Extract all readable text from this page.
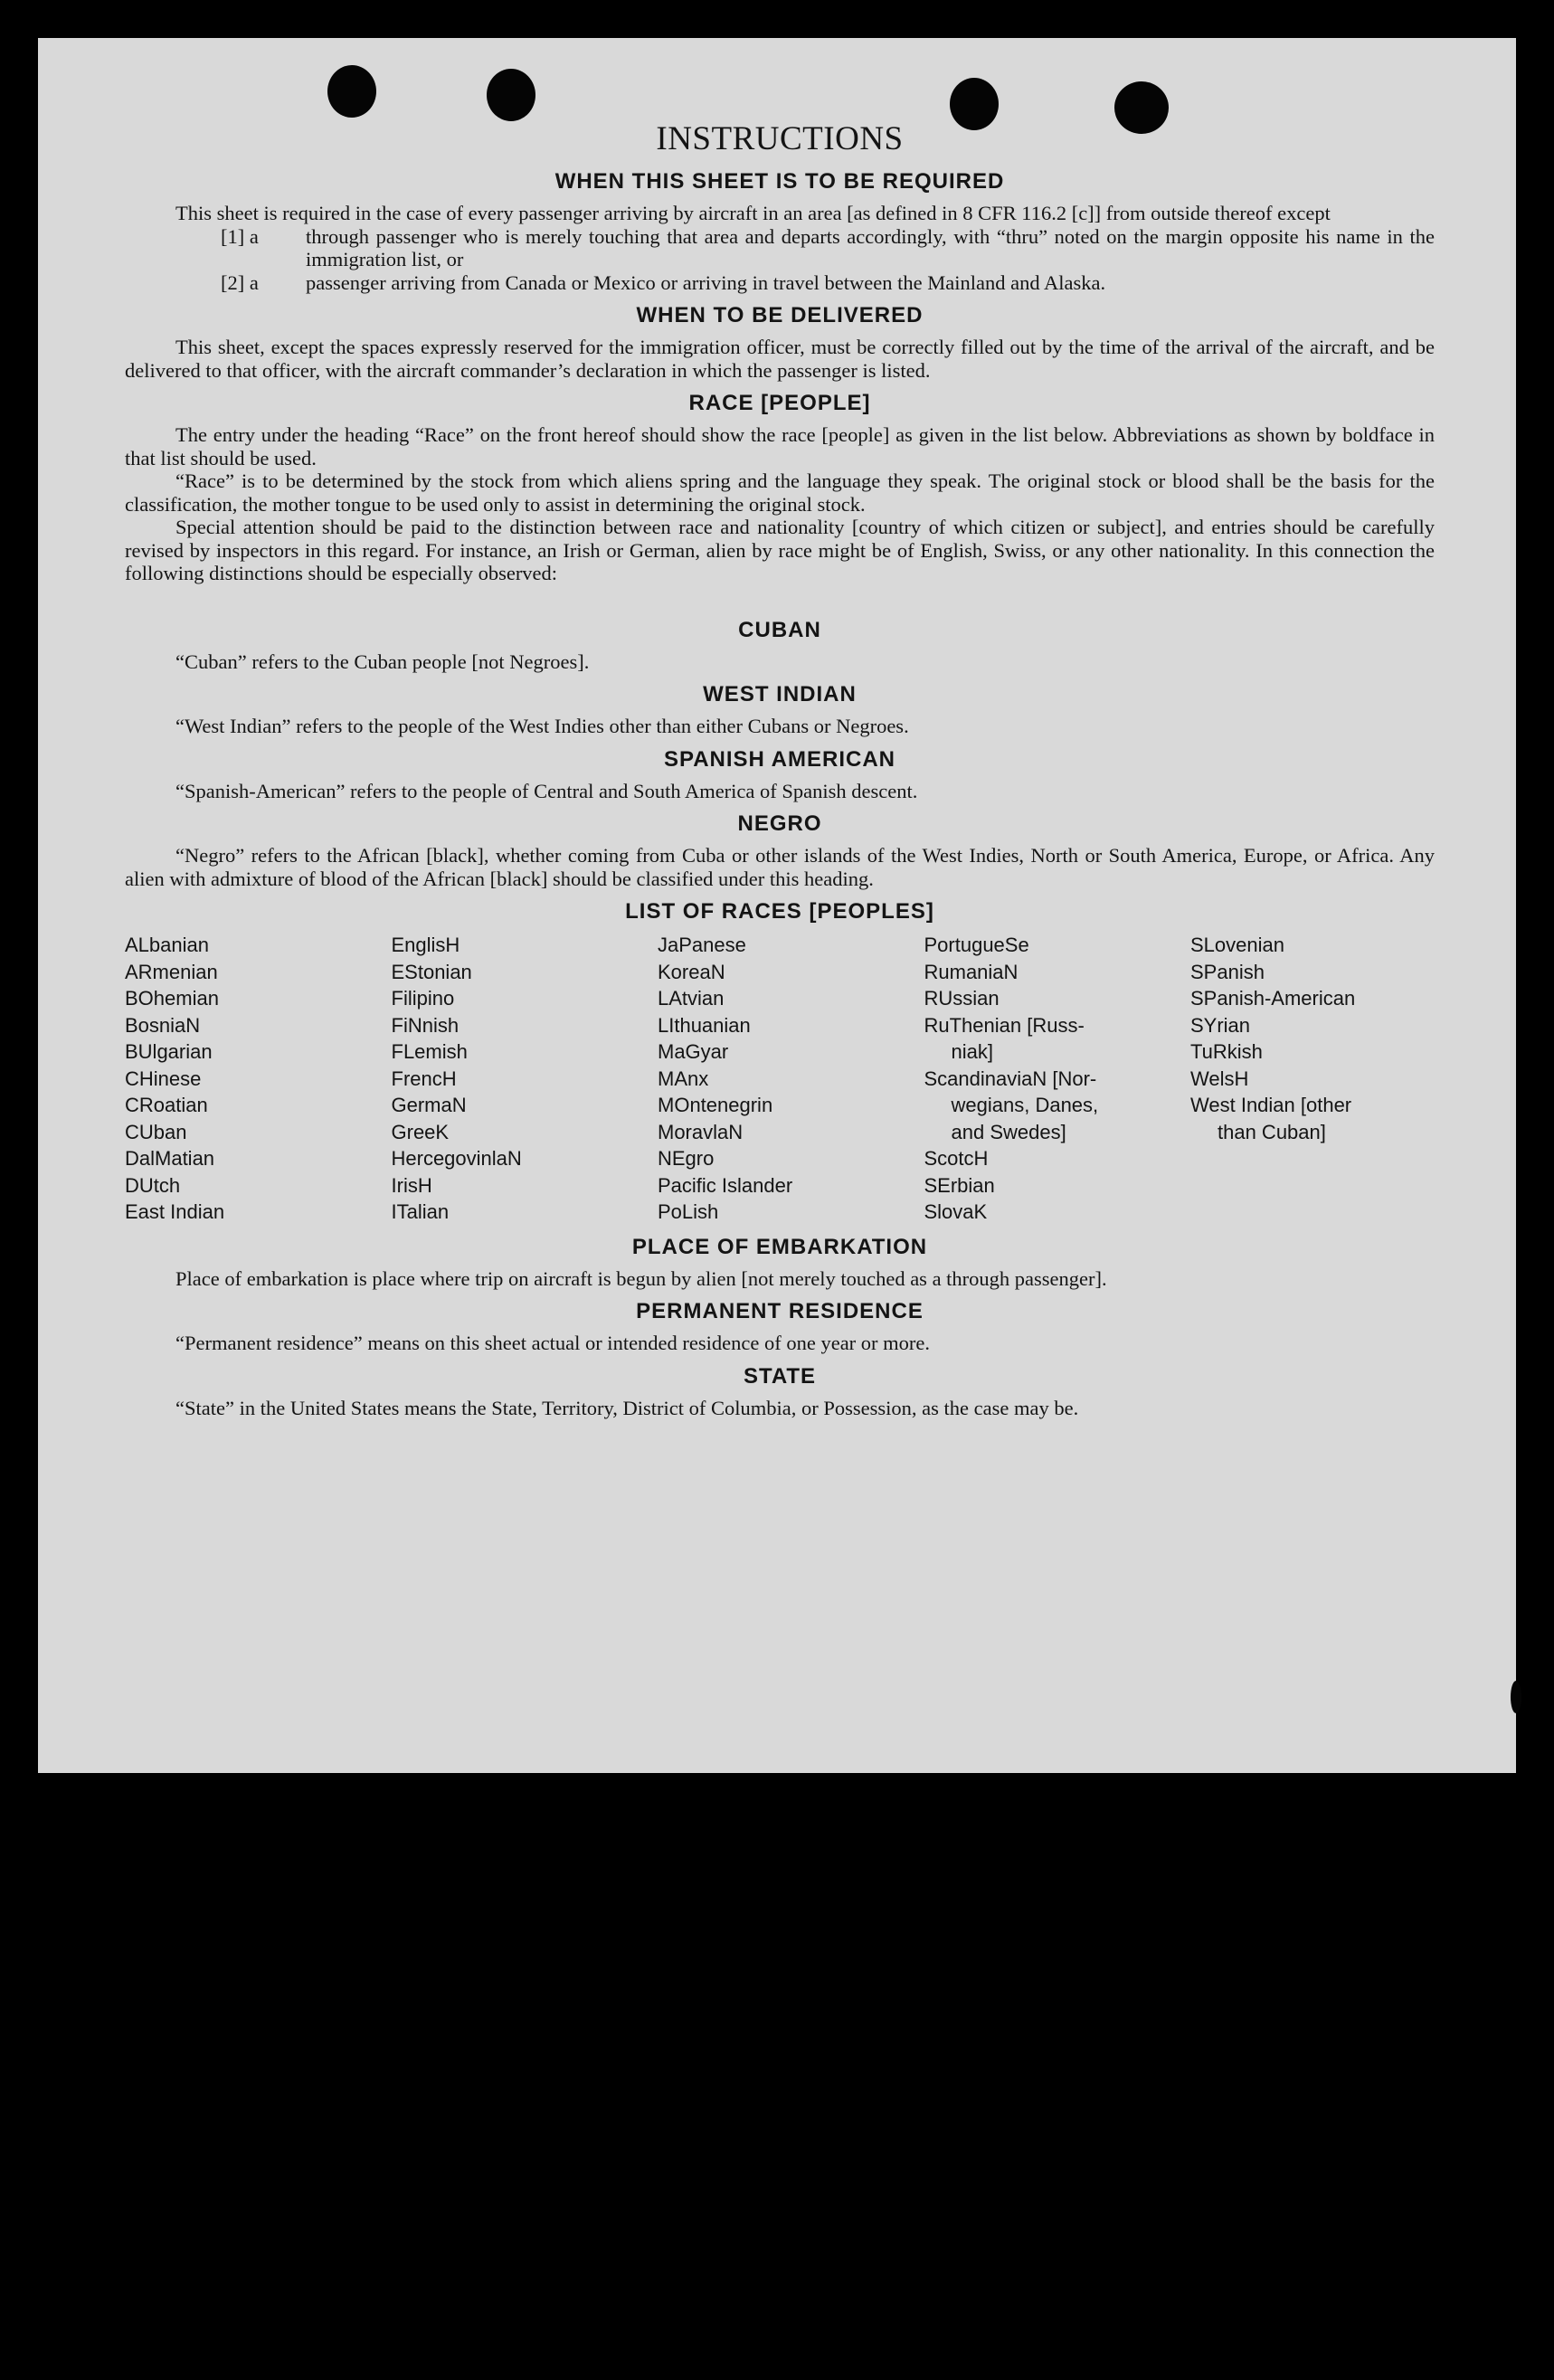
INSTRUCTIONS
WHEN THIS SHEET IS TO BE REQUIRED

This sheet is required in the case of every passenger arriving by aircraft in an area [as defined in 8 CFR 116.2 [c]] from outside thereof except

[1] a through passenger who is merely touching that area and departs accordingly, with “thru” noted on the margin opposite his name in the immigration list, or
[2] a passenger arriving from Canada or Mexico or arriving in travel between the Mainland and Alaska.
WHEN TO BE DELIVERED

This sheet, except the spaces expressly reserved for the immigration officer, must be correctly filled out by the time of the arrival of the aircraft, and be delivered to that officer, with the aircraft commander’s declaration in which the passenger is listed.

RACE [PEOPLE]

The entry under the heading “Race” on the front hereof should show the race [people] as given in the list below. Abbreviations as shown by boldface in that list should be used.

“Race” is to be determined by the stock from which aliens spring and the language they speak. The original stock or blood shall be the basis for the classification, the mother tongue to be used only to assist in determining the original stock.

Special attention should be paid to the distinction between race and nationality [country of which citizen or subject], and entries should be carefully revised by inspectors in this regard. For instance, an Irish or German, alien by race might be of English, Swiss, or any other nationality. In this connection the following distinctions should be especially observed:

CUBAN

“Cuban” refers to the Cuban people [not Negroes].

WEST INDIAN

“West Indian” refers to the people of the West Indies other than either Cubans or Negroes.

SPANISH AMERICAN

“Spanish-American” refers to the people of Central and South America of Spanish descent.

NEGRO

“Negro” refers to the African [black], whether coming from Cuba or other islands of the West Indies, North or South America, Europe, or Africa. Any alien with admixture of blood of the African [black] should be classified under this heading.

LIST OF RACES [PEOPLES]
ALbanian
ARmenian
BOhemian
BosniaN
BUlgarian
CHinese
CRoatian
CUban
DalMatian
DUtch
East Indian
EnglisH
EStonian
Filipino
FiNnish
FLemish
FrencH
GermaN
GreeK
HercegovinlaN
IrisH
ITalian
JaPanese
KoreaN
LAtvian
LIthuanian
MaGyar
MAnx
MOntenegrin
MoravlaN
NEgro
Pacific Islander
PoLish
PortugueSe
RumaniaN
RUssian
RuThenian [Russ-
niak]
ScandinaviaN [Nor-
wegians, Danes,
and Swedes]
ScotcH
SErbian
SlovaK
SLovenian
SPanish
SPanish-American
SYrian
TuRkish
WelsH
West Indian [other
than Cuban]
PLACE OF EMBARKATION

Place of embarkation is place where trip on aircraft is begun by alien [not merely touched as a through passenger].

PERMANENT RESIDENCE

“Permanent residence” means on this sheet actual or intended residence of one year or more.

STATE

“State” in the United States means the State, Territory, District of Columbia, or Possession, as the case may be.
